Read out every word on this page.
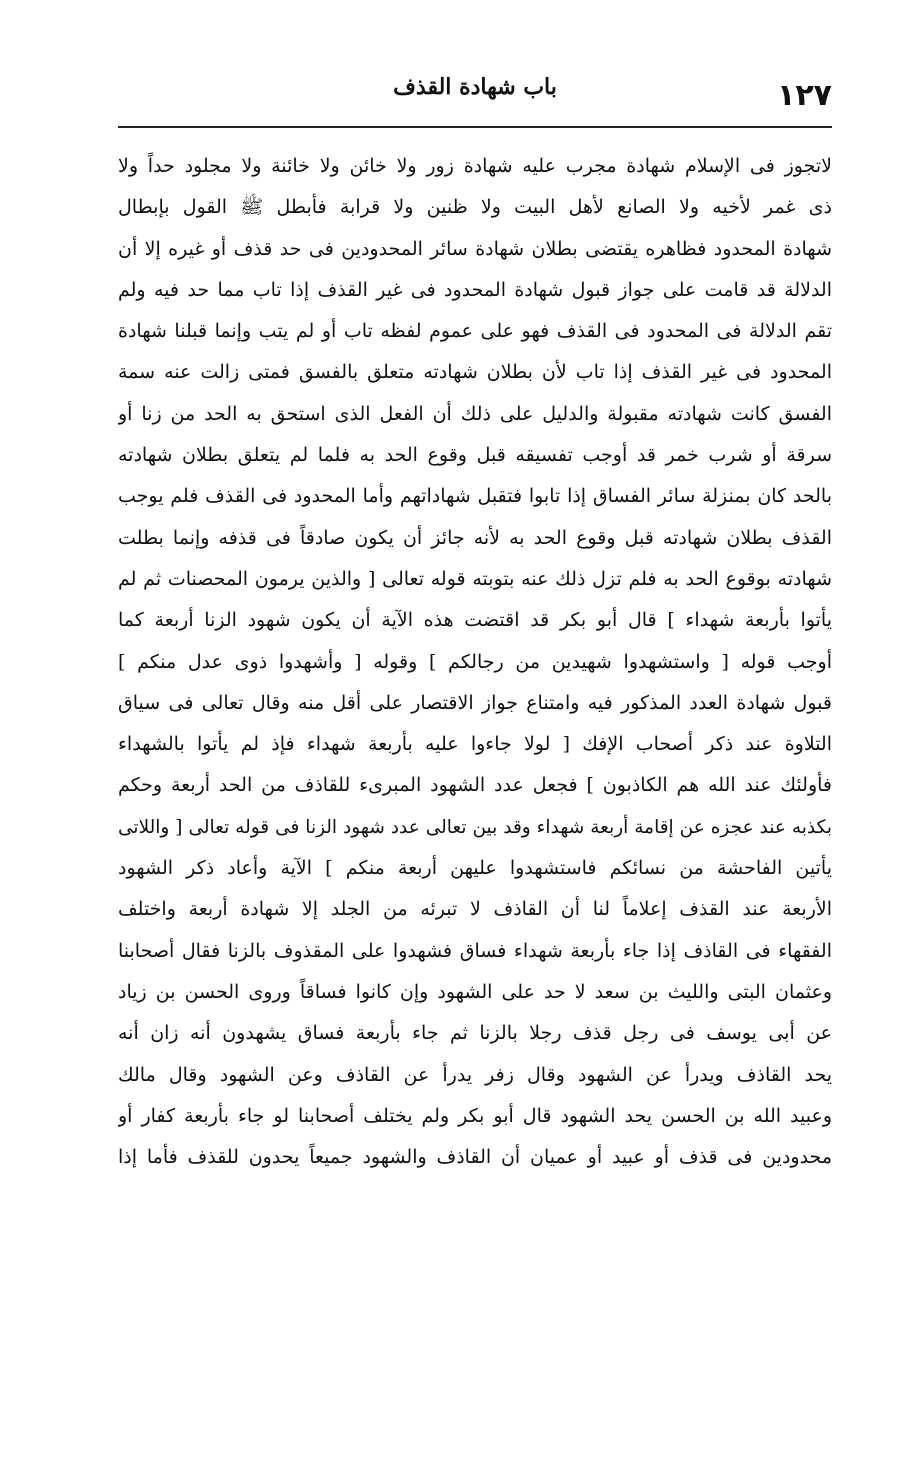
١٢٧
باب شهادة القذف
لاتجوز فى الإسلام شهادة مجرب عليه شهادة زور ولا خائن ولا خائنة ولا مجلود حداً ولا
ذى غمر لأخيه ولا الصانع لأهل البيت ولا ظنين ولا قرابة فأبطل ﷺ القول بإبطال
شهادة المحدود فظاهره يقتضى بطلان شهادة سائر المحدودين فى حد قذف أو غيره إلا أن
الدلالة قد قامت على جواز قبول شهادة المحدود فى غير القذف إذا تاب مما حد فيه ولم
تقم الدلالة فى المحدود فى القذف فهو على عموم لفظه تاب أو لم يتب وإنما قبلنا شهادة
المحدود فى غير القذف إذا تاب لأن بطلان شهادته متعلق بالفسق فمتى زالت عنه سمة
الفسق كانت شهادته مقبولة والدليل على ذلك أن الفعل الذى استحق به الحد من زنا أو
سرقة أو شرب خمر قد أوجب تفسيقه قبل وقوع الحد به فلما لم يتعلق بطلان شهادته
بالحد كان بمنزلة سائر الفساق إذا تابوا فتقبل شهاداتهم وأما المحدود فى القذف فلم يوجب
القذف بطلان شهادته قبل وقوع الحد به لأنه جائز أن يكون صادقاً فى قذفه وإنما بطلت
شهادته بوقوع الحد به فلم تزل ذلك عنه بتوبته قوله تعالى [ والذين يرمون المحصنات ثم لم
يأتوا بأربعة شهداء ] قال أبو بكر قد اقتضت هذه الآية أن يكون شهود الزنا أربعة كما
أوجب قوله [ واستشهدوا شهيدين من رجالكم ] وقوله [ وأشهدوا ذوى عدل منكم ]
قبول شهادة العدد المذكور فيه وامتناع جواز الاقتصار على أقل منه وقال تعالى فى سياق
التلاوة عند ذكر أصحاب الإفك [ لولا جاءوا عليه بأربعة شهداء فإذ لم يأتوا بالشهداء
فأولئك عند الله هم الكاذبون ] فجعل عدد الشهود المبرىء للقاذف من الحد أربعة وحكم
بكذبه عند عجزه عن إقامة أربعة شهداء وقد بين تعالى عدد شهود الزنا فى قوله تعالى [ واللاتى
يأتين الفاحشة من نسائكم فاستشهدوا عليهن أربعة منكم ] الآية وأعاد ذكر الشهود
الأربعة عند القذف إعلاماً لنا أن القاذف لا تبرئه من الجلد إلا شهادة أربعة واختلف
الفقهاء فى القاذف إذا جاء بأربعة شهداء فساق فشهدوا على المقذوف بالزنا فقال أصحابنا
وعثمان البتى والليث بن سعد لا حد على الشهود وإن كانوا فساقاً وروى الحسن بن زياد
عن أبى يوسف فى رجل قذف رجلا بالزنا ثم جاء بأربعة فساق يشهدون أنه زان أنه
يحد القاذف ويدرأ عن الشهود وقال زفر يدرأ عن القاذف وعن الشهود وقال مالك
وعبيد الله بن الحسن يحد الشهود قال أبو بكر ولم يختلف أصحابنا لو جاء بأربعة كفار أو
محدودين فى قذف أو عبيد أو عميان أن القاذف والشهود جميعاً يحدون للقذف فأما إذا
